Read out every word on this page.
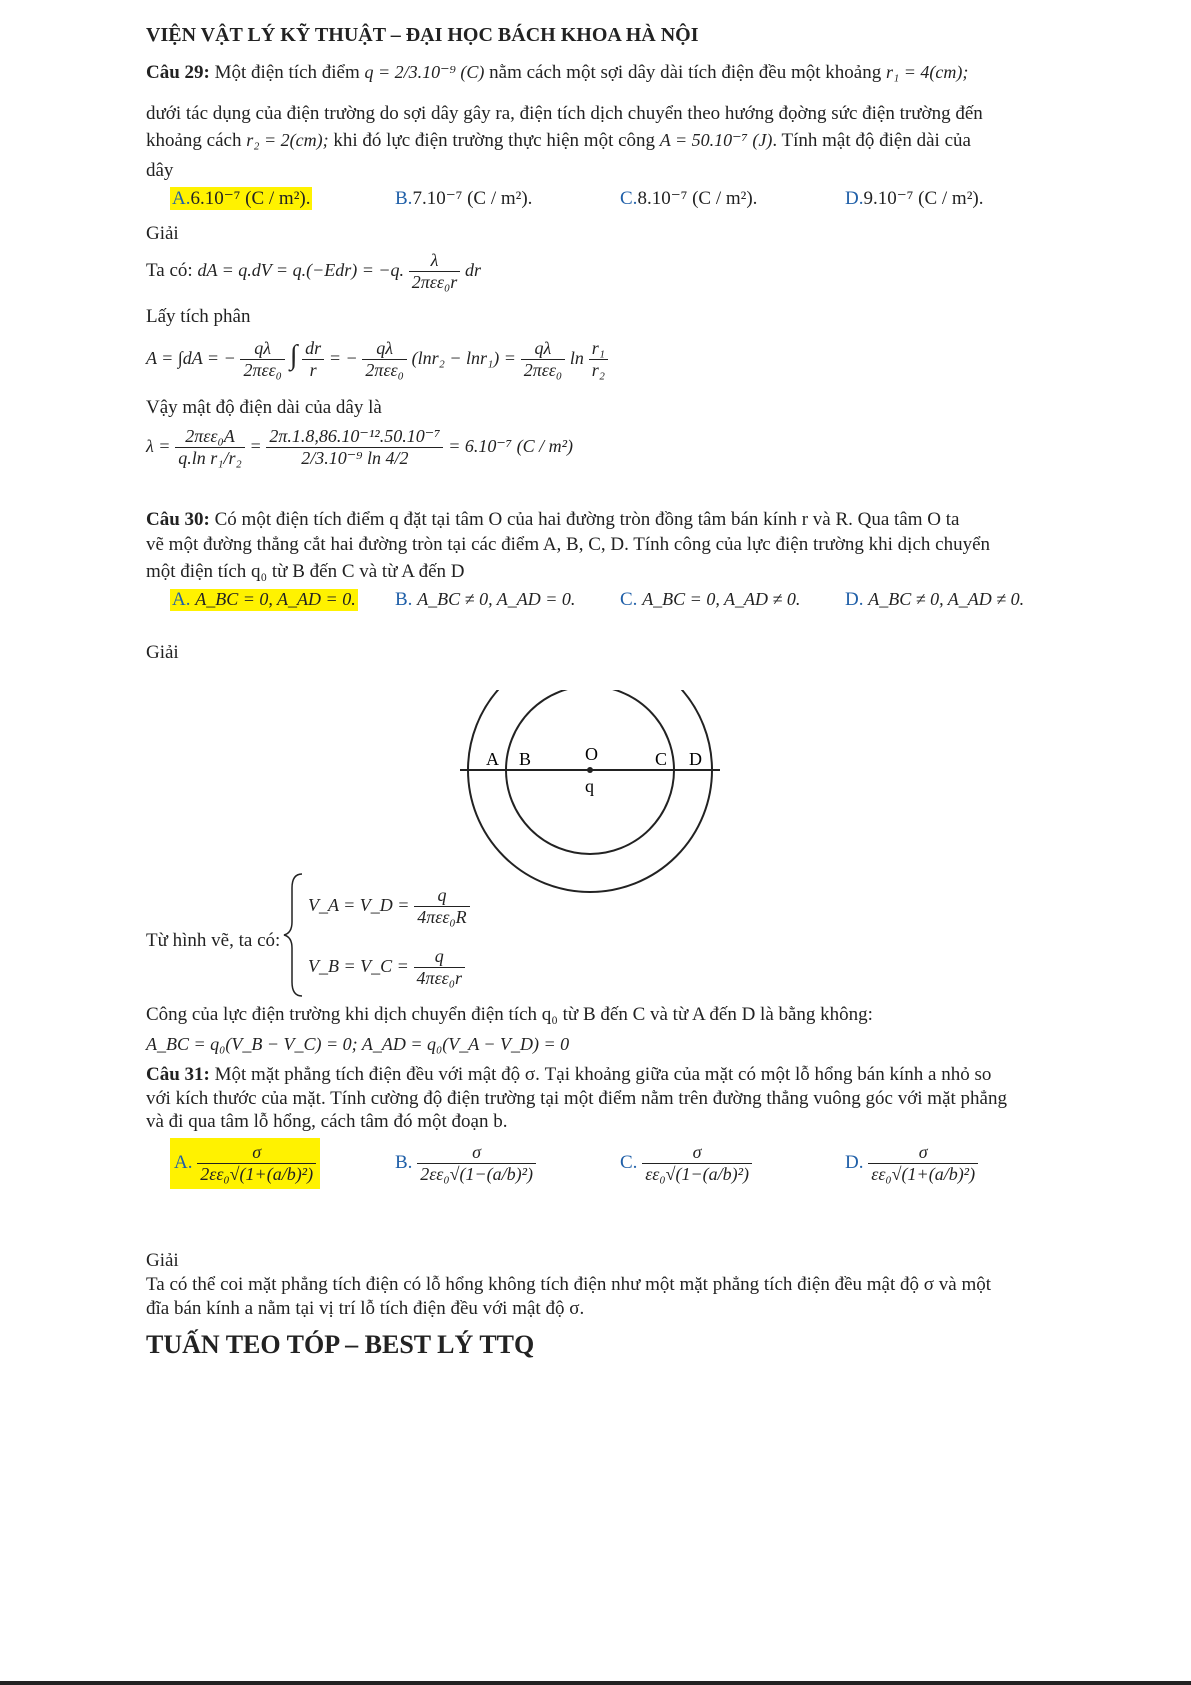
VIỆN VẬT LÝ KỸ THUẬT – ĐẠI HỌC BÁCH KHOA HÀ NỘI
Câu 29: Một điện tích điểm q = 2/3.10⁻⁹ (C) nằm cách một sợi dây dài tích điện đều một khoảng r₁ = 4(cm);
dưới tác dụng của điện trường do sợi dây gây ra, điện tích dịch chuyển theo hướng đọờng sức điện trường đến
khoảng cách r₂ = 2(cm); khi đó lực điện trường thực hiện một công A = 50.10⁻⁷ (J). Tính mật độ điện dài của
dây
A.6.10⁻⁷ (C / m²).	B.7.10⁻⁷ (C / m²).	C.8.10⁻⁷ (C / m²).	D.9.10⁻⁷ (C / m²).
Giải
Ta có: dA = q.dV = q.(−Edr) = −q. $\frac{\lambda}{\text{2πεε₀r}}$ dr
Lấy tích phân
A = ∫dA = − $\frac{q\lambda}{\text{2πεε₀}}$ ∫ $\frac{dr}{r}$ = − $\frac{q\lambda}{\text{2πεε₀}} (\ln r_2 - \ln r_1) = \frac{q\lambda}{\text{2πεε₀}}$ $\ln \frac{\text{r₁}}{\text{r₂}}$
Vậy mật độ điện dài của dây là
$\lambda = \frac{\text{2πεε₀A}}{\text{q.ln r₁/r₂}} = \frac{\text{2π.1.8,86.10⁻¹².50.10⁻⁷}}{\text{2/3.10⁻⁹ ln 4/2}} = 6.10^{-7}$ (C / m²)
Câu 30: Có một điện tích điểm q đặt tại tâm O của hai đường tròn đồng tâm bán kính r và R. Qua tâm O ta
vẽ một đường thẳng cắt hai đường tròn tại các điểm A, B, C, D. Tính công của lực điện trường khi dịch chuyển
một điện tích q₀ từ B đến C và từ A đến D
A. A_BC = 0, A_AD = 0. B. A_BC ≠ 0, A_AD = 0. C. A_BC = 0, A_AD ≠ 0. D. A_BC ≠ 0, A_AD ≠ 0.
Giải
A B	O	C D
q
Từ hình vẽ, ta có:
V_A = V_D = $\frac{q}{\text{4πεε₀R}}$
V_B = V_C = $\frac{q}{\text{4πεε₀r}}$
Công của lực điện trường khi dịch chuyển điện tích q₀ từ B đến C và từ A đến D là bằng không:
A_BC = q₀(V_B − V_C) = 0; A_AD = q₀(V_A − V_D) = 0
Câu 31: Một mặt phẳng tích điện đều với mật độ σ. Tại khoảng giữa của mặt có một lỗ hổng bán kính a nhỏ so
với kích thước của mặt. Tính cường độ điện trường tại một điểm nằm trên đường thẳng vuông góc với mặt phẳng
và đi qua tâm lỗ hổng, cách tâm đó một đoạn b.
A. $\frac{\sigma}{\text{2εε₀√(1+(a/b)²)}}$	B. $\frac{\sigma}{\text{2εε₀√(1−(a/b)²)}}$	C. $\frac{\sigma}{\text{εε₀√(1−(a/b)²)}}$	D. $\frac{\sigma}{\text{εε₀√(1+(a/b)²)}}$
Giải
Ta có thể coi mặt phẳng tích điện có lỗ hổng không tích điện như một mặt phẳng tích điện đều mật độ σ và một
đĩa bán kính a nằm tại vị trí lỗ tích điện đều với mật độ σ.
TUẤN TEO TÓP – BEST LÝ TTQ
